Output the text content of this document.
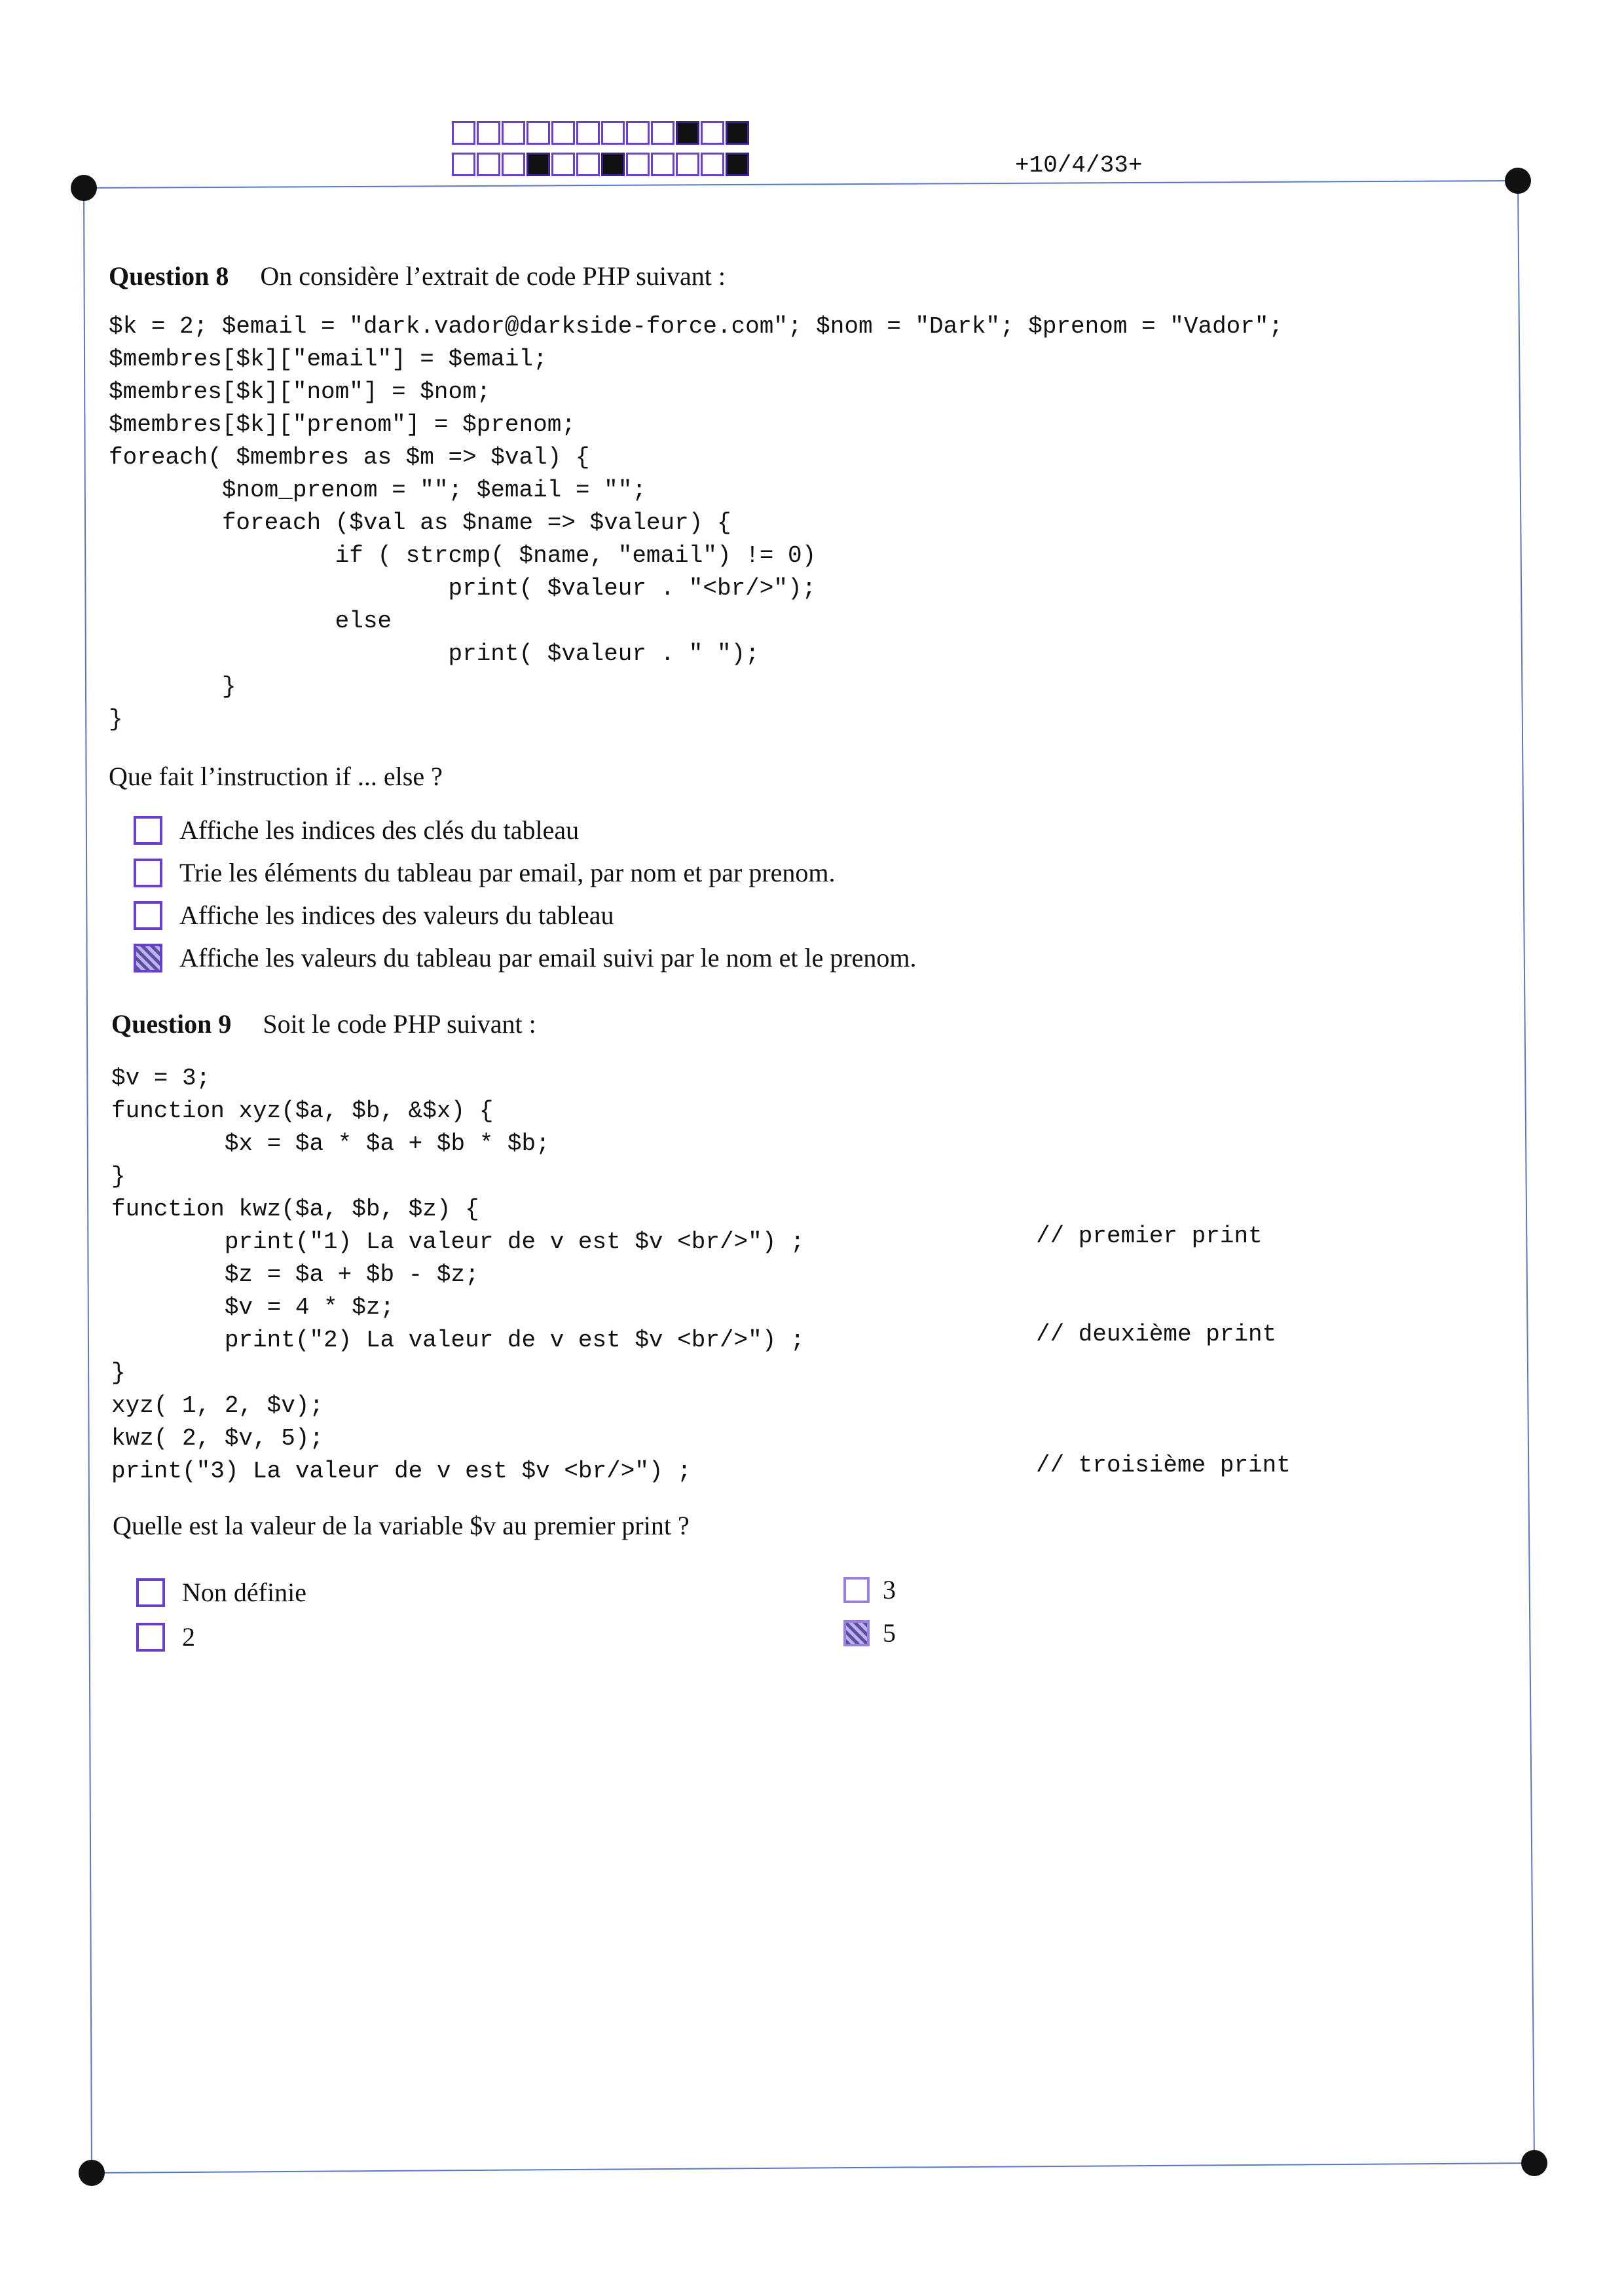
+10/4/33+
Question 8 On considère l’extrait de code PHP suivant :
$k = 2; $email = "dark.vador@darkside-force.com"; $nom = "Dark"; $prenom = "Vador";
$membres[$k]["email"] = $email;
$membres[$k]["nom"] = $nom;
$membres[$k]["prenom"] = $prenom;
foreach( $membres as $m => $val) {
$nom_prenom = ""; $email = "";
foreach ($val as $name => $valeur) {
if ( strcmp( $name, "email") != 0)
print( $valeur . "<br/>");
else
print( $valeur . " ");
}
}
Que fait l’instruction if ... else ?
Affiche les indices des clés du tableau
Trie les éléments du tableau par email, par nom et par prenom.
Affiche les indices des valeurs du tableau
Affiche les valeurs du tableau par email suivi par le nom et le prenom.
Question 9 Soit le code PHP suivant :
$v = 3;
function xyz($a, $b, &$x) {
$x = $a * $a + $b * $b;
}
function kwz($a, $b, $z) {
print("1) La valeur de v est $v <br/>") ;
$z = $a + $b - $z;
$v = 4 * $z;
print("2) La valeur de v est $v <br/>") ;
}
xyz( 1, 2, $v);
kwz( 2, $v, 5);
print("3) La valeur de v est $v <br/>") ;
// premier print
// deuxième print
// troisième print
Quelle est la valeur de la variable $v au premier print ?
Non définie
2
3
5
